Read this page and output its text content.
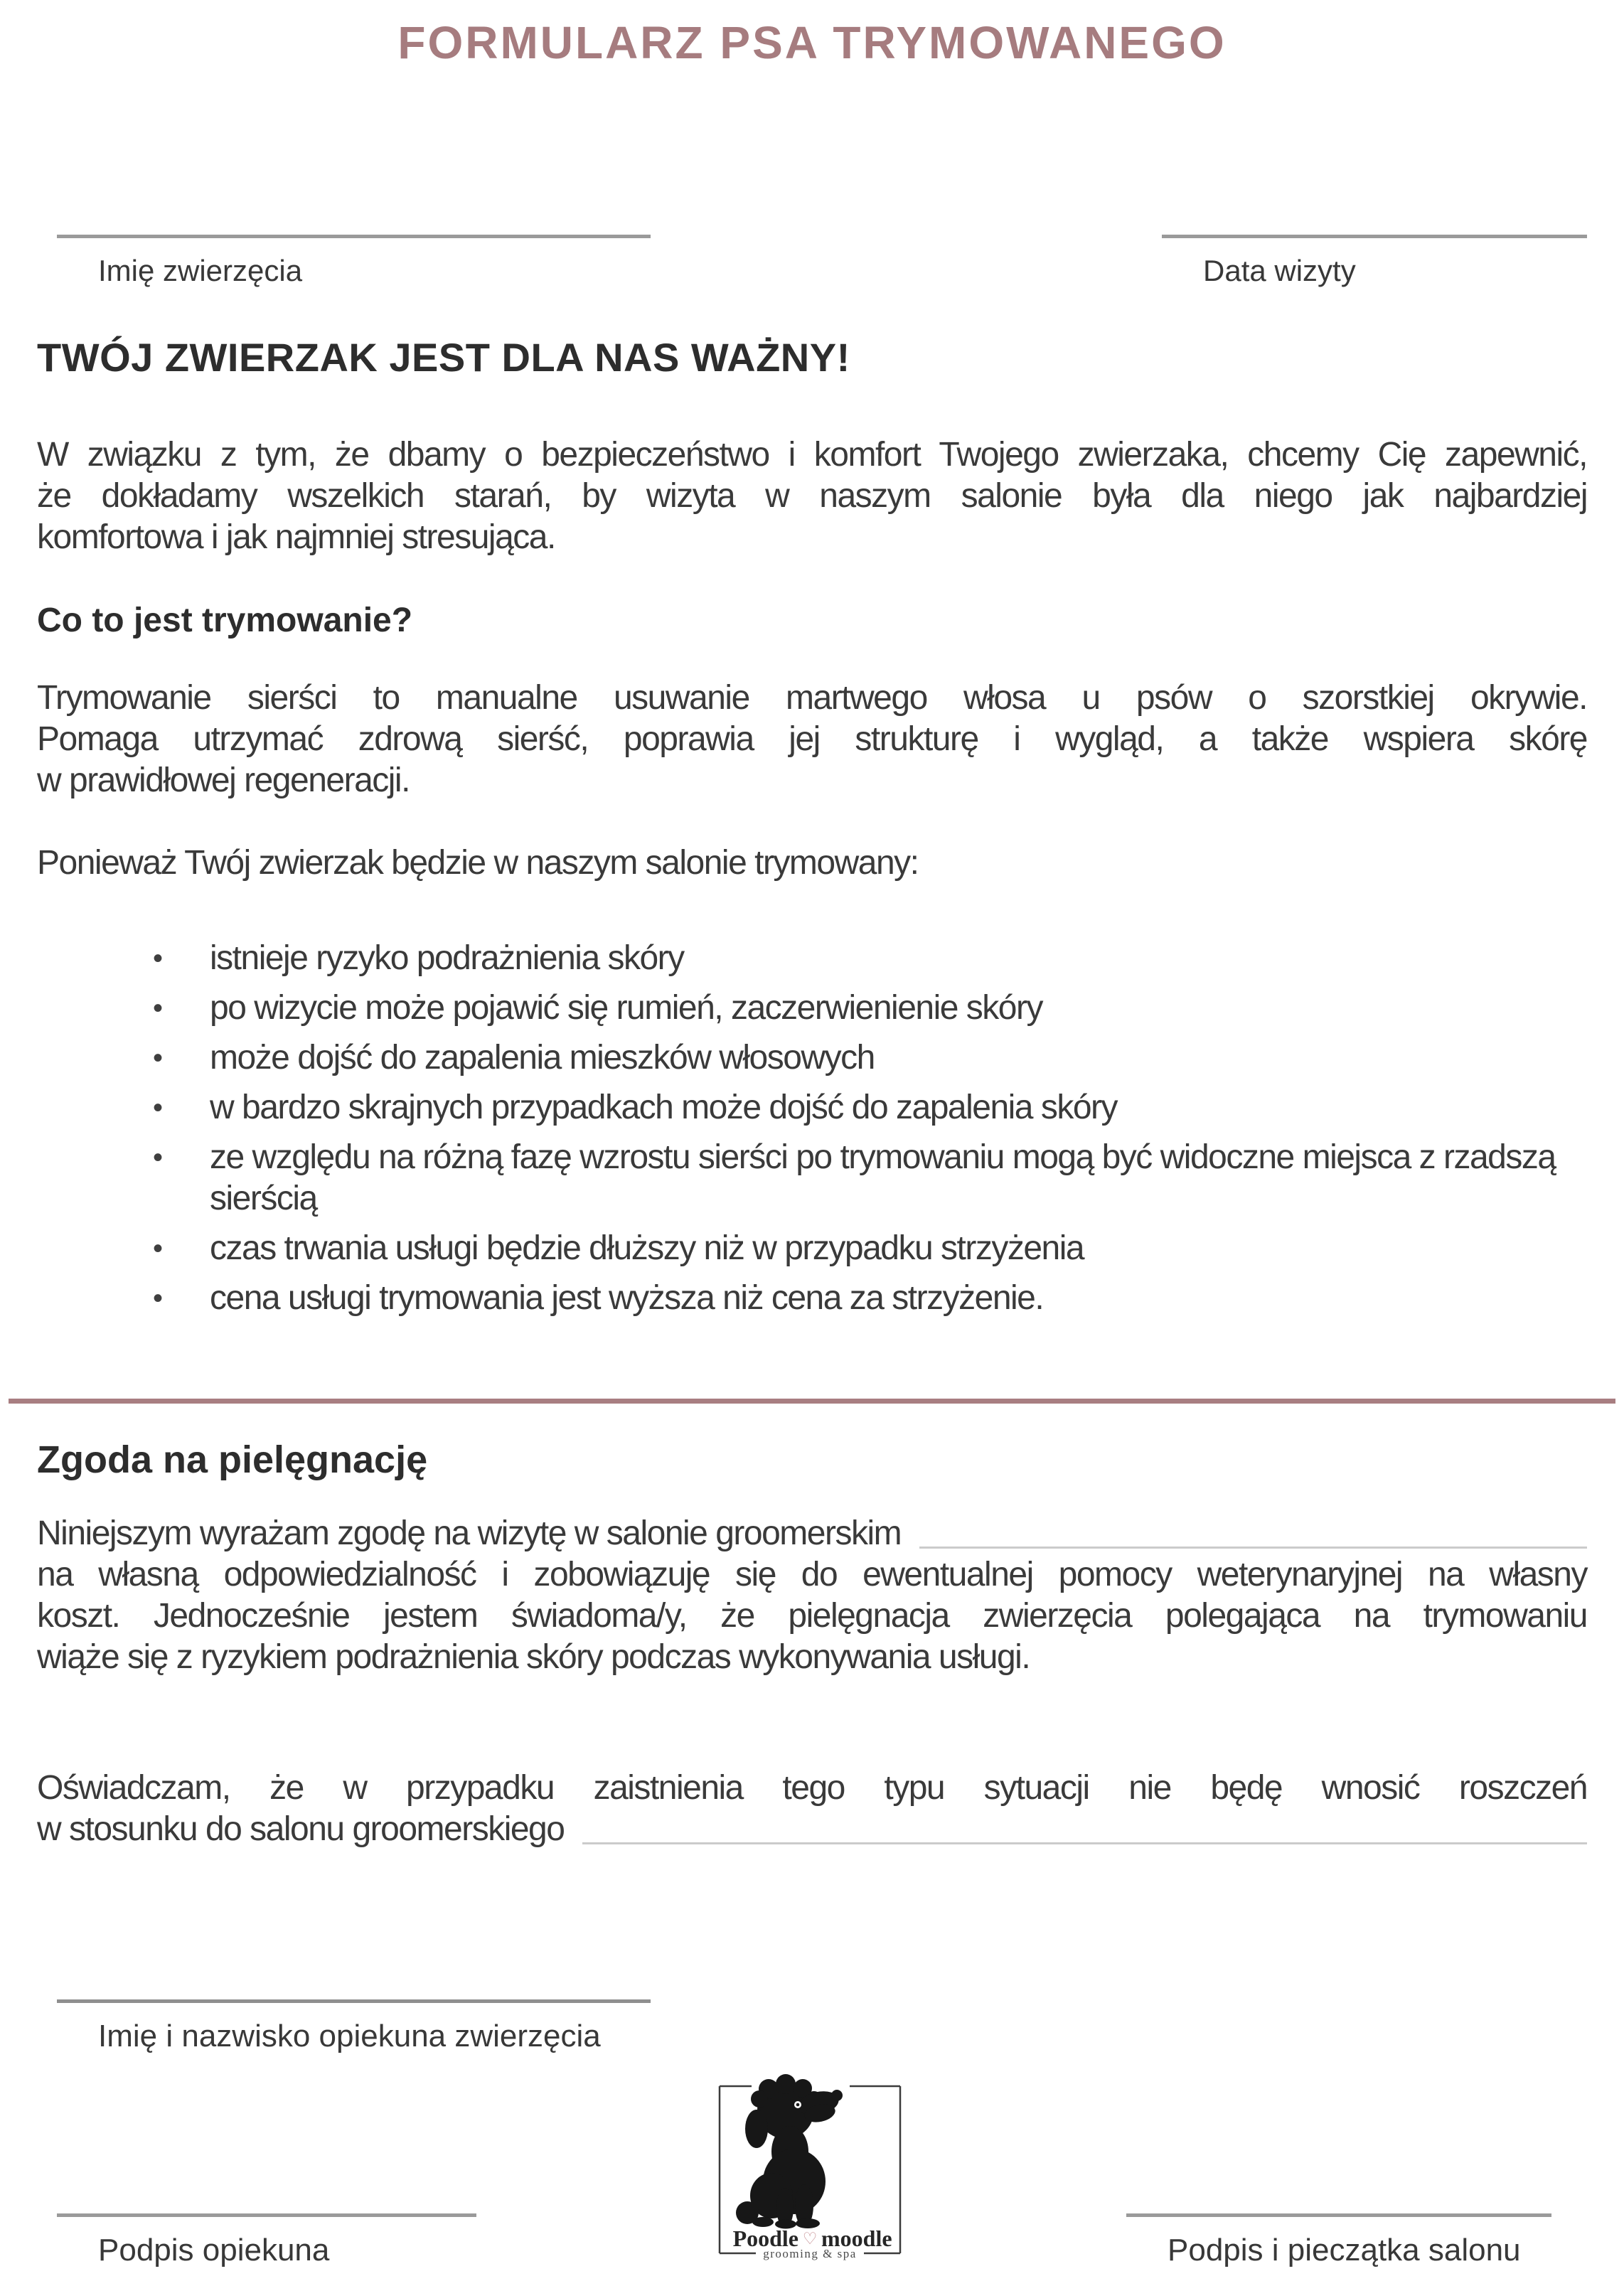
FORMULARZ PSA TRYMOWANEGO
Imię zwierzęcia	Data wizyty
TWÓJ ZWIERZAK JEST DLA NAS WAŻNY!
W związku z tym, że dbamy o bezpieczeństwo i komfort Twojego zwierzaka, chcemy Cię zapewnić,
że dokładamy wszelkich starań, by wizyta w naszym salonie była dla niego jak najbardziej
komfortowa i jak najmniej stresująca.
Co to jest trymowanie?
Trymowanie sierści to manualne usuwanie martwego włosa u psów o szorstkiej okrywie.
Pomaga utrzymać zdrową sierść, poprawia jej strukturę i wygląd, a także wspiera skórę
w prawidłowej regeneracji.
Ponieważ Twój zwierzak będzie w naszym salonie trymowany:
• istnieje ryzyko podrażnienia skóry
• po wizycie może pojawić się rumień, zaczerwienienie skóry
• może dojść do zapalenia mieszków włosowych
• w bardzo skrajnych przypadkach może dojść do zapalenia skóry
• ze względu na różną fazę wzrostu sierści po trymowaniu mogą być widoczne miejsca z rzadszą sierścią
• czas trwania usługi będzie dłuższy niż w przypadku strzyżenia
• cena usługi trymowania jest wyższa niż cena za strzyżenie.
Zgoda na pielęgnację
Niniejszym wyrażam zgodę na wizytę w salonie groomerskim
na własną odpowiedzialność i zobowiązuję się do ewentualnej pomocy weterynaryjnej na własny
koszt. Jednocześnie jestem świadoma/y, że pielęgnacja zwierzęcia polegająca na trymowaniu
wiąże się z ryzykiem podrażnienia skóry podczas wykonywania usługi.
Oświadczam, że w przypadku zaistnienia tego typu sytuacji nie będę wnosić roszczeń
w stosunku do salonu groomerskiego
Imię i nazwisko opiekuna zwierzęcia
Poodle ♡ moodle
grooming & spa
Podpis opiekuna	Podpis i pieczątka salonu
